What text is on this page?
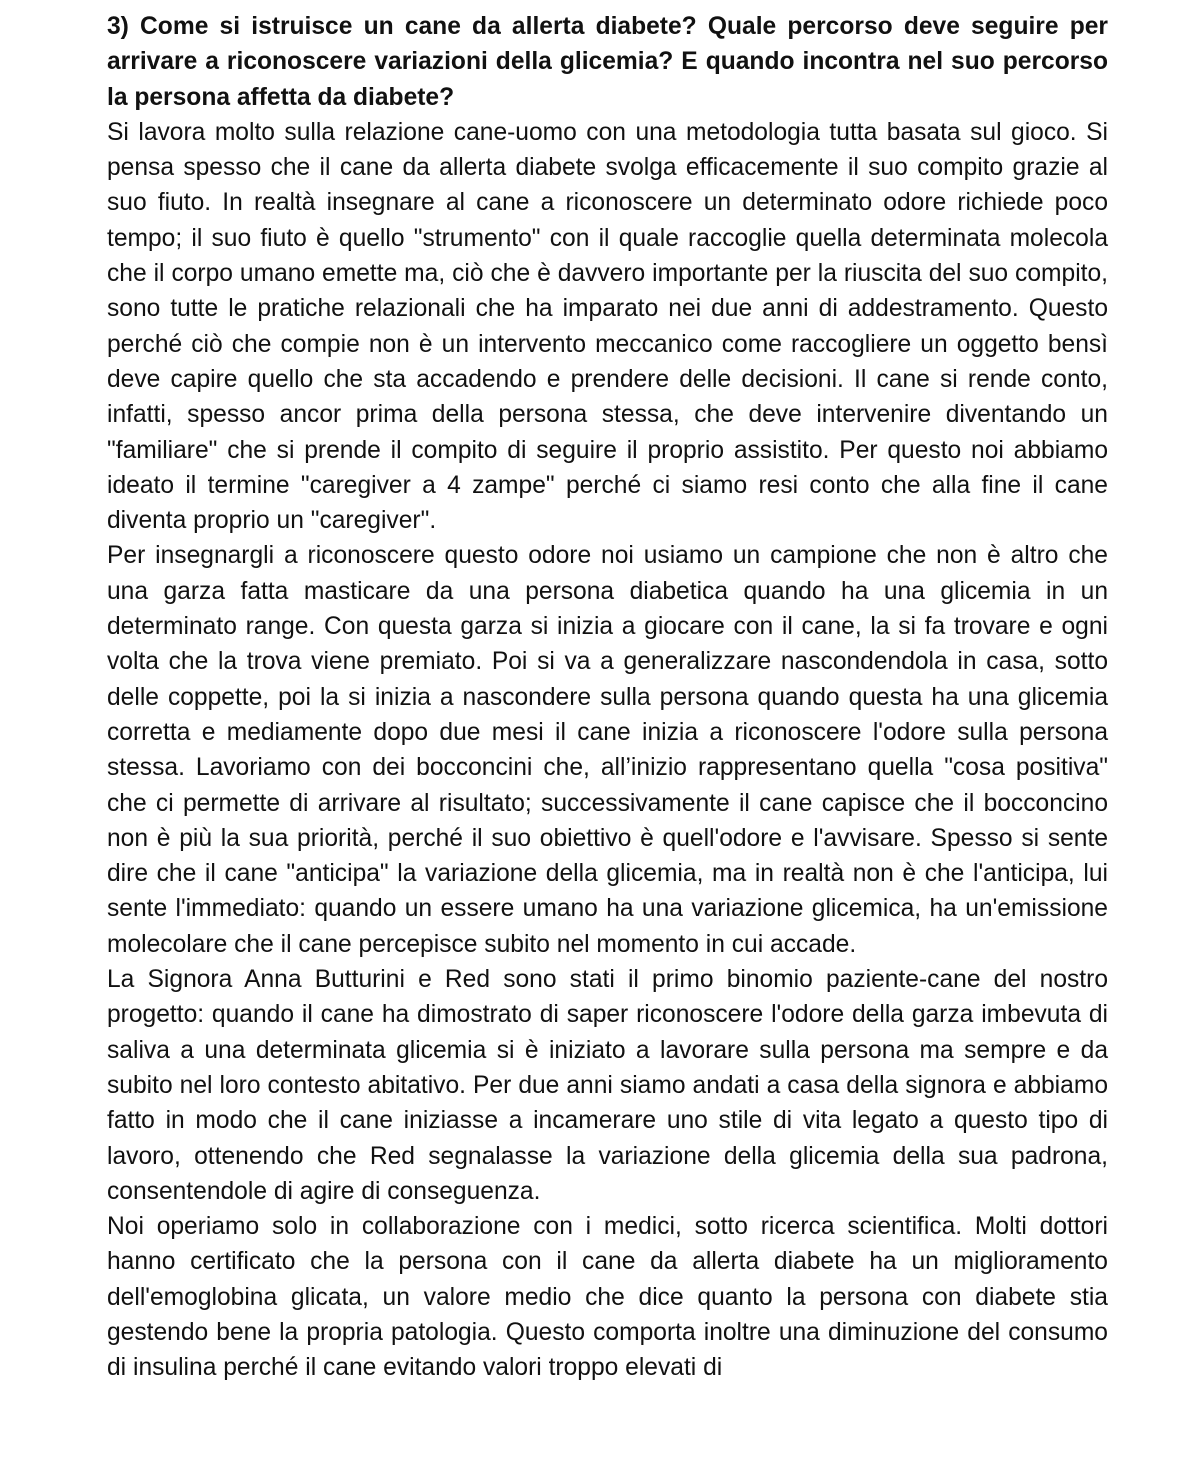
3) Come si istruisce un cane da allerta diabete? Quale percorso deve seguire per arrivare a riconoscere variazioni della glicemia? E quando incontra nel suo percorso la persona affetta da diabete?

Si lavora molto sulla relazione cane-uomo con una metodologia tutta basata sul gioco. Si pensa spesso che il cane da allerta diabete svolga efficacemente il suo compito grazie al suo fiuto. In realtà insegnare al cane a riconoscere un determinato odore richiede poco tempo; il suo fiuto è quello "strumento" con il quale raccoglie quella determinata molecola che il corpo umano emette ma, ciò che è davvero importante per la riuscita del suo compito, sono tutte le pratiche relazionali che ha imparato nei due anni di addestramento. Questo perché ciò che compie non è un intervento meccanico come raccogliere un oggetto bensì deve capire quello che sta accadendo e prendere delle decisioni. Il cane si rende conto, infatti, spesso ancor prima della persona stessa, che deve intervenire diventando un "familiare" che si prende il compito di seguire il proprio assistito. Per questo noi abbiamo ideato il termine "caregiver a 4 zampe" perché ci siamo resi conto che alla fine il cane diventa proprio un "caregiver".

Per insegnargli a riconoscere questo odore noi usiamo un campione che non è altro che una garza fatta masticare da una persona diabetica quando ha una glicemia in un determinato range. Con questa garza si inizia a giocare con il cane, la si fa trovare e ogni volta che la trova viene premiato. Poi si va a generalizzare nascondendola in casa, sotto delle coppette, poi la si inizia a nascondere sulla persona quando questa ha una glicemia corretta e mediamente dopo due mesi il cane inizia a riconoscere l'odore sulla persona stessa. Lavoriamo con dei bocconcini che, all’inizio rappresentano quella "cosa positiva" che ci permette di arrivare al risultato; successivamente il cane capisce che il bocconcino non è più la sua priorità, perché il suo obiettivo è quell'odore e l'avvisare. Spesso si sente dire che il cane "anticipa" la variazione della glicemia, ma in realtà non è che l'anticipa, lui sente l'immediato: quando un essere umano ha una variazione glicemica, ha un'emissione molecolare che il cane percepisce subito nel momento in cui accade.

La Signora Anna Butturini e Red sono stati il primo binomio paziente-cane del nostro progetto: quando il cane ha dimostrato di saper riconoscere l'odore della garza imbevuta di saliva a una determinata glicemia si è iniziato a lavorare sulla persona ma sempre e da subito nel loro contesto abitativo. Per due anni siamo andati a casa della signora e abbiamo fatto in modo che il cane iniziasse a incamerare uno stile di vita legato a questo tipo di lavoro, ottenendo che Red segnalasse la variazione della glicemia della sua padrona, consentendole di agire di conseguenza.

Noi operiamo solo in collaborazione con i medici, sotto ricerca scientifica. Molti dottori hanno certificato che la persona con il cane da allerta diabete ha un miglioramento dell'emoglobina glicata, un valore medio che dice quanto la persona con diabete stia gestendo bene la propria patologia. Questo comporta inoltre una diminuzione del consumo di insulina perché il cane evitando valori troppo elevati di
